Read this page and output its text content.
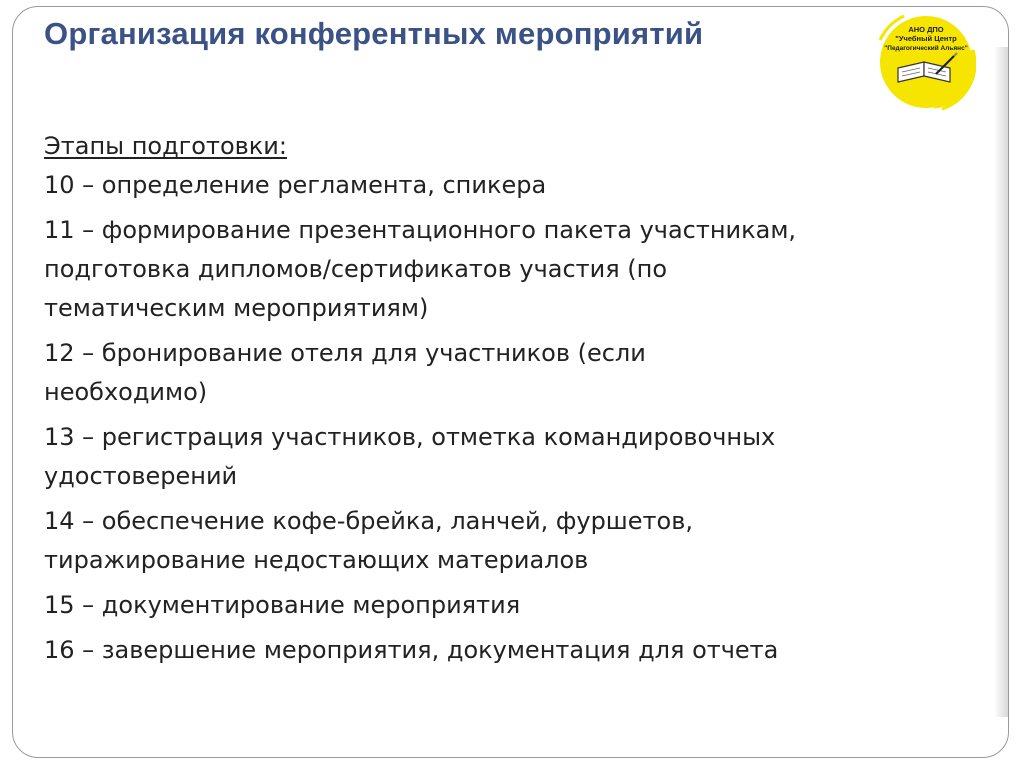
Организация конферентных мероприятий	АНО ДПО
"Учебный Центр
"Педагогический Альянс"
Этапы подготовки:
10 – определение регламента, спикера
11 – формирование презентационного пакета участникам,
подготовка дипломов/сертификатов участия (по
тематическим мероприятиям)
12 – бронирование отеля для участников (если
необходимо)
13 – регистрация участников, отметка командировочных
удостоверений
14 – обеспечение кофе-брейка, ланчей, фуршетов,
тиражирование недостающих материалов
15 – документирование мероприятия
16 – завершение мероприятия, документация для отчета
